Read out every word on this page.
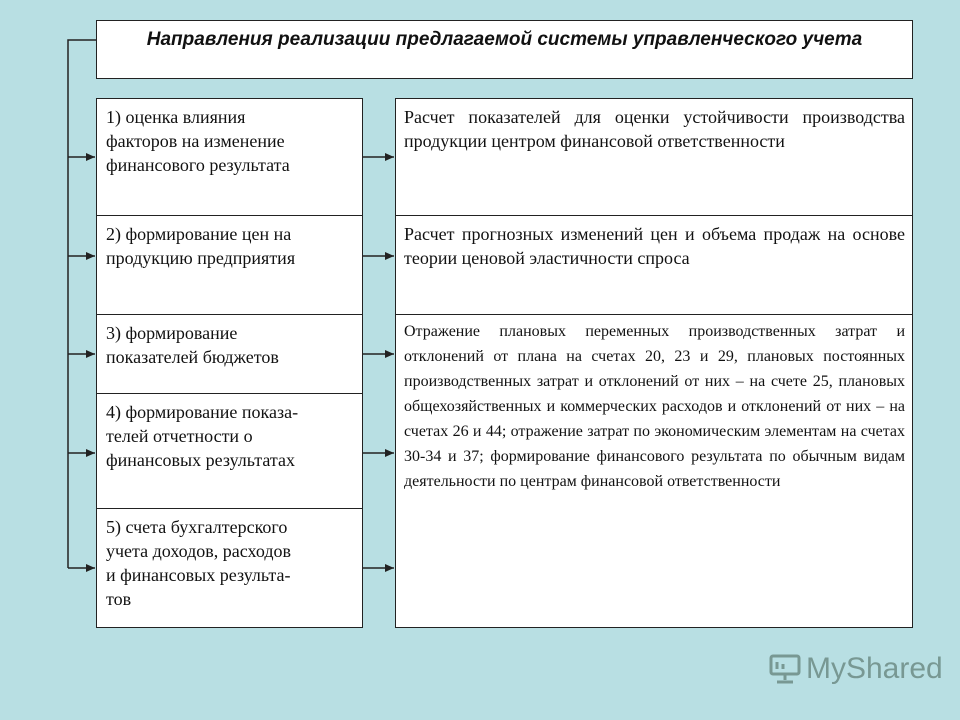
Направления реализации предлагаемой системы управленческого учета
1) оценка влияния
факторов на изменение
финансового результата
2) формирование цен на
продукцию предприятия
3) формирование
показателей бюджетов
4) формирование показа-
телей отчетности о
финансовых результатах
5) счета бухгалтерского
учета доходов, расходов
и финансовых результа-
тов
Расчет показателей для оценки устойчивости производства продукции центром финансовой ответственности
Расчет прогнозных изменений цен и объема продаж на основе теории ценовой эластичности спроса
Отражение плановых переменных производственных затрат и отклонений от плана на счетах 20, 23 и 29, плановых постоянных производственных затрат и отклонений от них – на счете 25, плановых общехозяйственных и коммерческих расходов и отклонений от них – на счетах 26 и 44; отражение затрат по экономическим элементам на счетах 30-34 и 37; формирование финансового результата по обычным видам деятельности по центрам финансовой ответственности
MyShared
